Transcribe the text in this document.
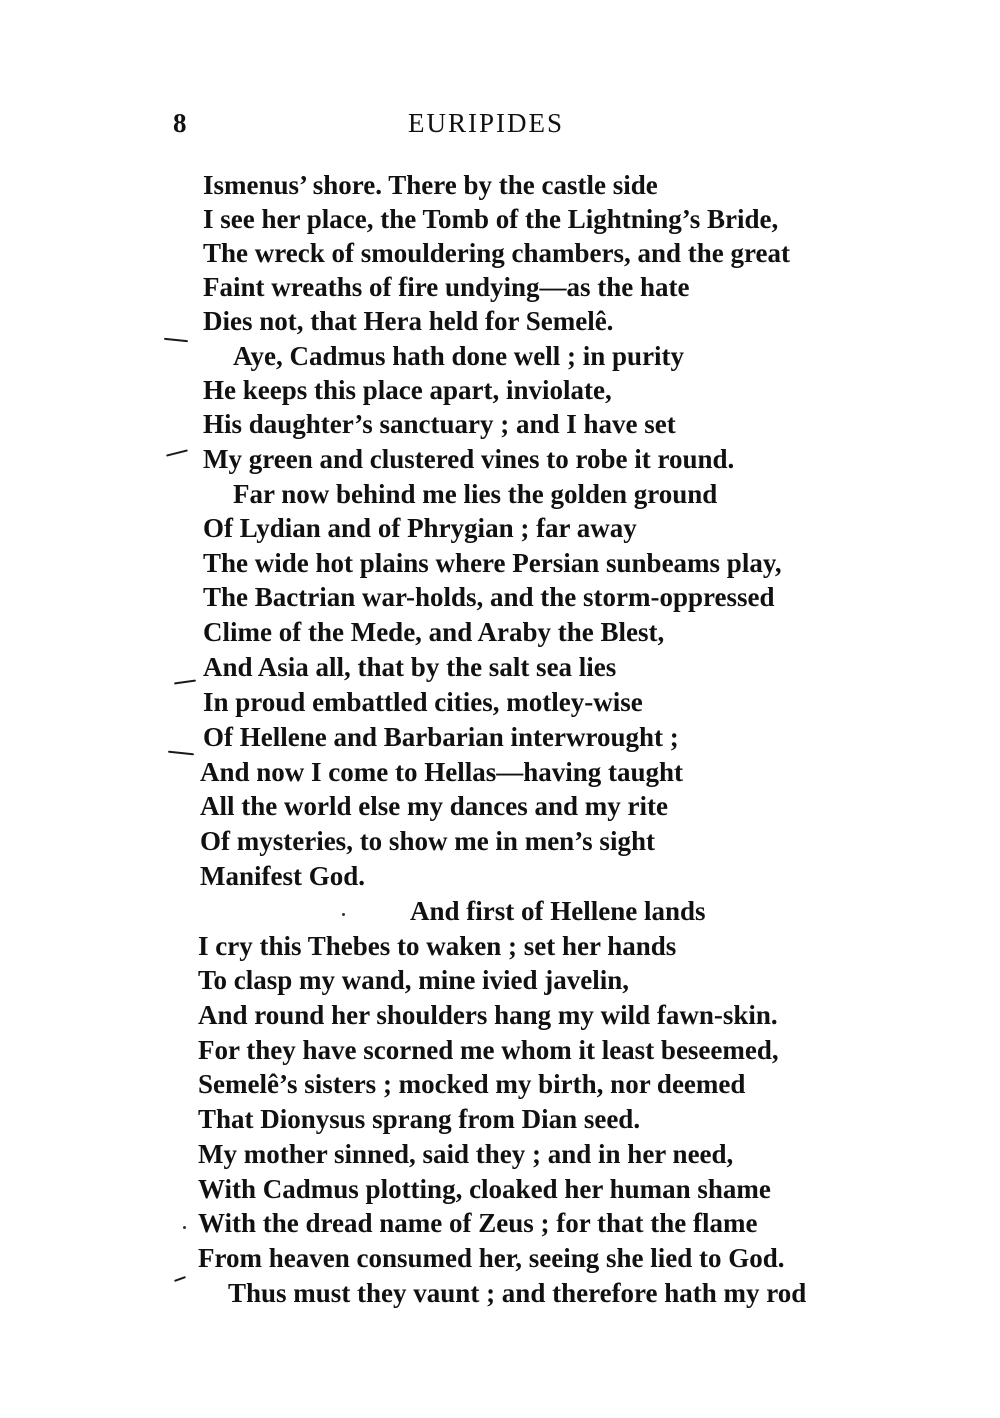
8	EURIPIDES
Ismenus’ shore. There by the castle side
I see her place, the Tomb of the Lightning’s Bride,
The wreck of smouldering chambers, and the great
Faint wreaths of fire undying—as the hate
Dies not, that Hera held for Semelê.
Aye, Cadmus hath done well ; in purity
He keeps this place apart, inviolate,
His daughter’s sanctuary ; and I have set
My green and clustered vines to robe it round.
Far now behind me lies the golden ground
Of Lydian and of Phrygian ; far away
The wide hot plains where Persian sunbeams play,
The Bactrian war-holds, and the storm-oppressed
Clime of the Mede, and Araby the Blest,
And Asia all, that by the salt sea lies
In proud embattled cities, motley-wise
Of Hellene and Barbarian interwrought ;
And now I come to Hellas—having taught
All the world else my dances and my rite
Of mysteries, to show me in men’s sight
Manifest God.
And first of Hellene lands
I cry this Thebes to waken ; set her hands
To clasp my wand, mine ivied javelin,
And round her shoulders hang my wild fawn-skin.
For they have scorned me whom it least beseemed,
Semelê’s sisters ; mocked my birth, nor deemed
That Dionysus sprang from Dian seed.
My mother sinned, said they ; and in her need,
With Cadmus plotting, cloaked her human shame
With the dread name of Zeus ; for that the flame
From heaven consumed her, seeing she lied to God.
Thus must they vaunt ; and therefore hath my rod
